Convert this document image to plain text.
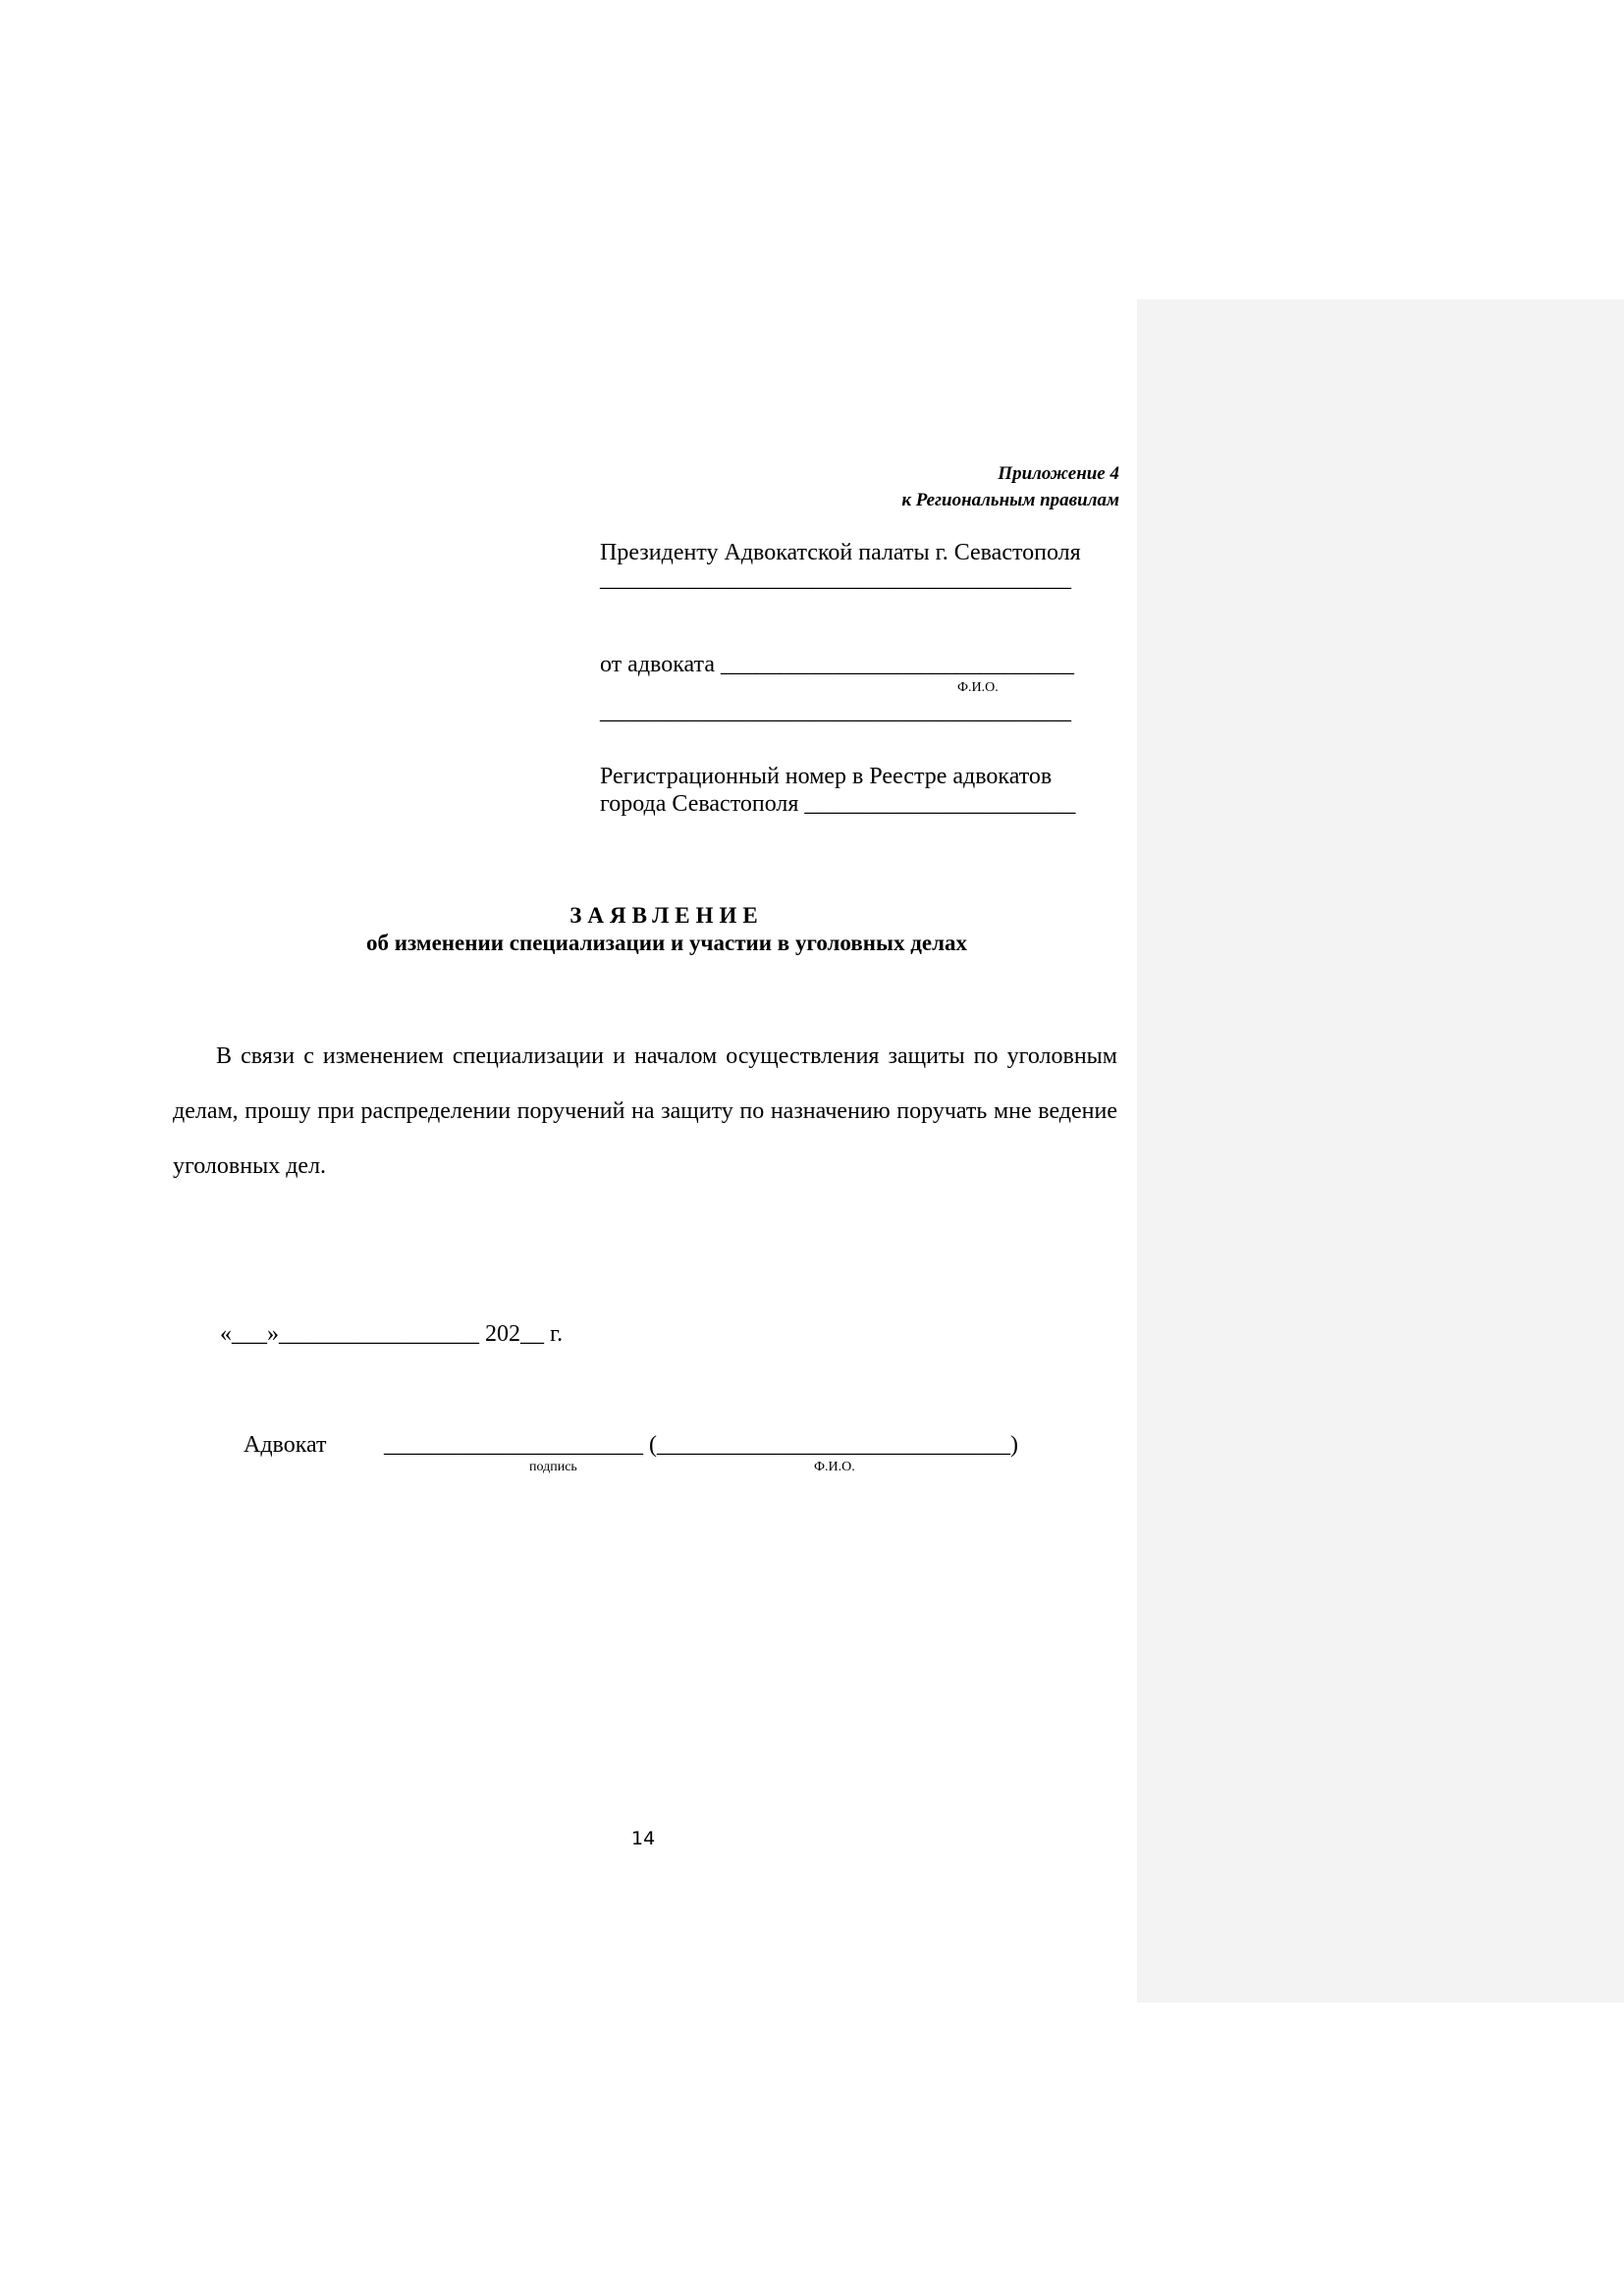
Приложение 4
к Региональным правилам
Президенту Адвокатской палаты г. Севастополя
________________________________________
от адвоката ______________________________
Ф.И.О.
________________________________________
Регистрационный номер в Реестре адвокатов
города Севастополя _______________________
ЗАЯВЛЕНИЕ
об изменении специализации и участии в уголовных делах
В связи с изменением специализации и началом осуществления защиты по уголовным делам, прошу при распределении поручений на защиту по назначению поручать мне ведение уголовных дел.
«___»_________________ 202__ г.
Адвокат ______________________ (______________________________)
подпись	Ф.И.О.
14
